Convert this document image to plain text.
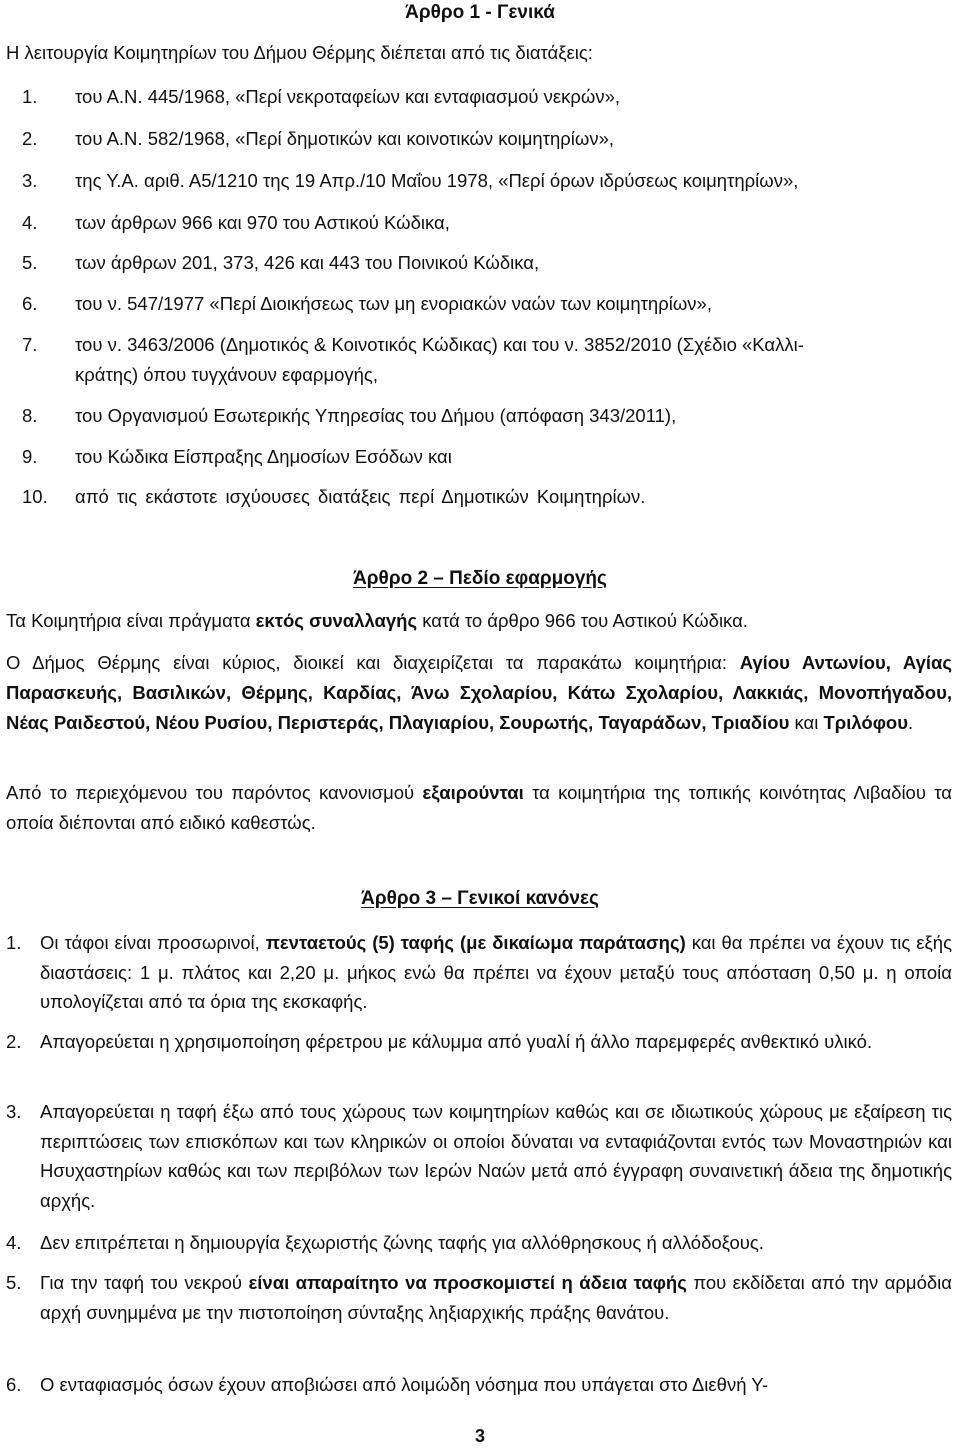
Άρθρο 1 - Γενικά
Η λειτουργία Κοιμητηρίων του Δήμου Θέρμης διέπεται από τις διατάξεις:
1. του Α.Ν. 445/1968, «Περί νεκροταφείων και ενταφιασμού νεκρών»,
2. του Α.Ν. 582/1968, «Περί δημοτικών και κοινοτικών κοιμητηρίων»,
3. της Υ.Α. αριθ. Α5/1210 της 19 Απρ./10 Μαΐου 1978, «Περί όρων ιδρύσεως κοιμητηρίων»,
4. των άρθρων 966 και 970 του Αστικού Κώδικα,
5. των άρθρων 201, 373, 426 και 443 του Ποινικού Κώδικα,
6. του ν. 547/1977 «Περί Διοικήσεως των μη ενοριακών ναών των κοιμητηρίων»,
7. του ν. 3463/2006 (Δημοτικός & Κοινοτικός Κώδικας) και του ν. 3852/2010 (Σχέδιο «Καλλι-
κράτης) όπου τυγχάνουν εφαρμογής,
8. του Οργανισμού Εσωτερικής Υπηρεσίας του Δήμου (απόφαση 343/2011),
9. του Κώδικα Είσπραξης Δημοσίων Εσόδων και
10. από τις εκάστοτε ισχύουσες διατάξεις περί Δημοτικών Κοιμητηρίων.
Άρθρο 2 – Πεδίο εφαρμογής
Τα Κοιμητήρια είναι πράγματα εκτός συναλλαγής κατά το άρθρο 966 του Αστικού Κώδικα.
Ο Δήμος Θέρμης είναι κύριος, διοικεί και διαχειρίζεται τα παρακάτω κοιμητήρια: Αγίου Αντωνίου, Αγίας Παρασκευής, Βασιλικών, Θέρμης, Καρδίας, Άνω Σχολαρίου, Κάτω Σχολαρίου, Λακκιάς, Μονοπήγαδου, Νέας Ραιδεστού, Νέου Ρυσίου, Περιστεράς, Πλαγιαρίου, Σουρωτής, Ταγαράδων, Τριαδίου και Τριλόφου.
Από το περιεχόμενου του παρόντος κανονισμού εξαιρούνται τα κοιμητήρια της τοπικής κοινότητας Λιβαδίου τα οποία διέπονται από ειδικό καθεστώς.
Άρθρο 3 – Γενικοί κανόνες
1. Οι τάφοι είναι προσωρινοί, πενταετούς (5) ταφής (με δικαίωμα παράτασης) και θα πρέπει να έχουν τις εξής διαστάσεις: 1 μ. πλάτος και 2,20 μ. μήκος ενώ θα πρέπει να έχουν μεταξύ τους απόσταση 0,50 μ. η οποία υπολογίζεται από τα όρια της εκσκαφής.
2. Απαγορεύεται η χρησιμοποίηση φέρετρου με κάλυμμα από γυαλί ή άλλο παρεμφερές ανθεκτικό υλικό.
3. Απαγορεύεται η ταφή έξω από τους χώρους των κοιμητηρίων καθώς και σε ιδιωτικούς χώρους με εξαίρεση τις περιπτώσεις των επισκόπων και των κληρικών οι οποίοι δύναται να ενταφιάζονται εντός των Μοναστηριών και Ησυχαστηρίων καθώς και των περιβόλων των Ιερών Ναών μετά από έγγραφη συναινετική άδεια της δημοτικής αρχής.
4. Δεν επιτρέπεται η δημιουργία ξεχωριστής ζώνης ταφής για αλλόθρησκους ή αλλόδοξους.
5. Για την ταφή του νεκρού είναι απαραίτητο να προσκομιστεί η άδεια ταφής που εκδίδεται από την αρμόδια αρχή συνημμένα με την πιστοποίηση σύνταξης ληξιαρχικής πράξης θανάτου.
6. Ο ενταφιασμός όσων έχουν αποβιώσει από λοιμώδη νόσημα που υπάγεται στο Διεθνή Υ-
3
